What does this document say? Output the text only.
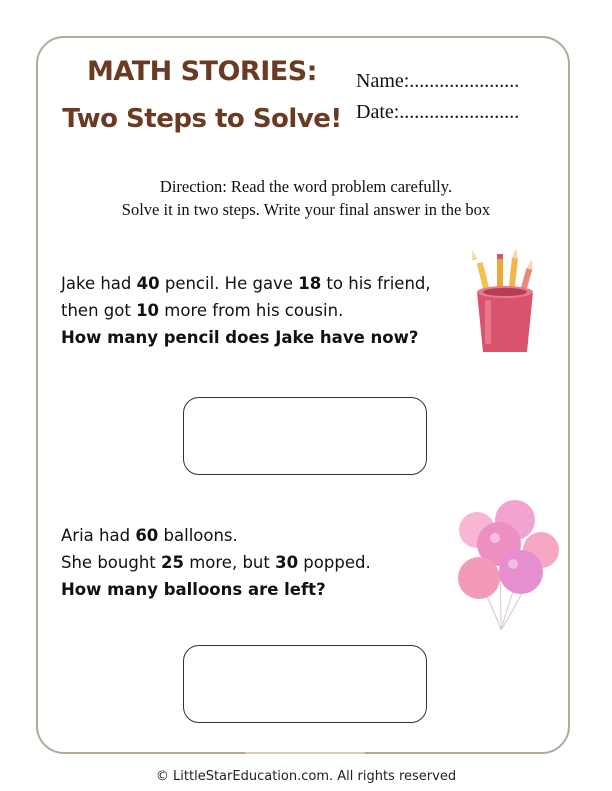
MATH STORIES:
Two Steps to Solve!
Name:......................
Date:........................
Direction: Read the word problem carefully.
Solve it in two steps. Write your final answer in the box
Jake had 40 pencil. He gave 18 to his friend,
then got 10 more from his cousin.
How many pencil does Jake have now?
Aria had 60 balloons.
She bought 25 more, but 30 popped.
How many balloons are left?
© LittleStarEducation.com. All rights reserved
